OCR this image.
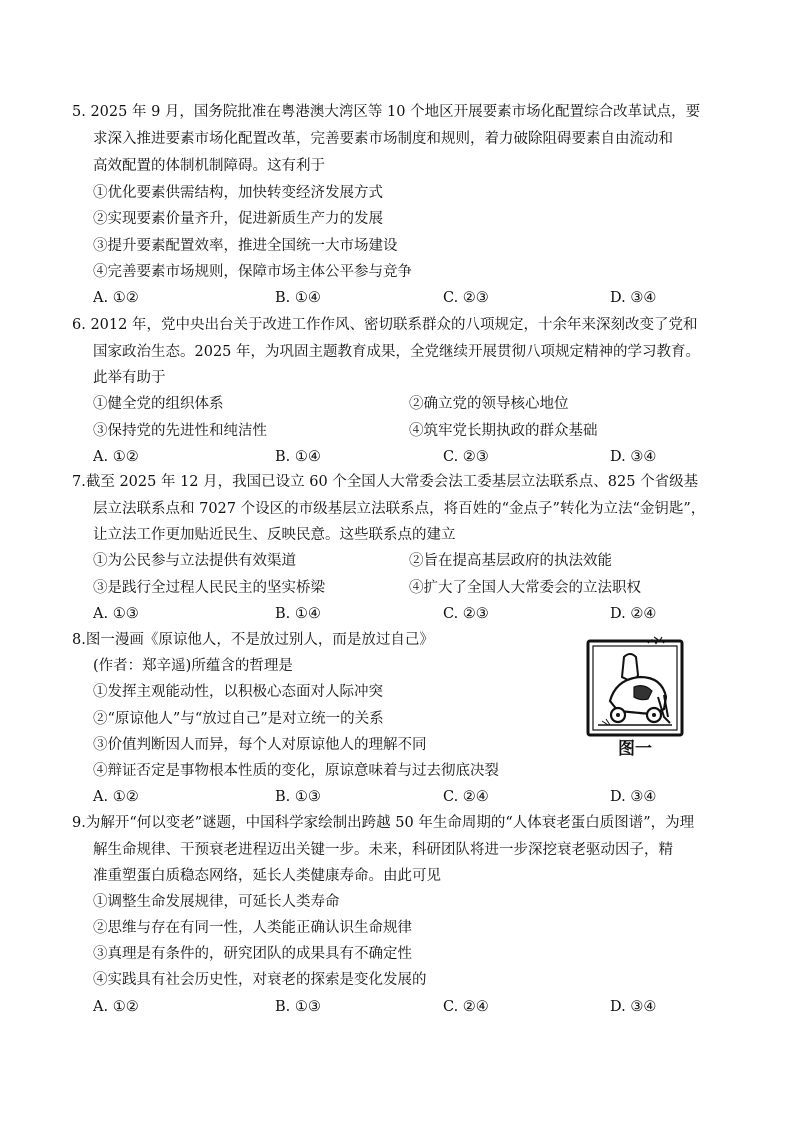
5. 2025 年 9 月，国务院批准在粤港澳大湾区等 10 个地区开展要素市场化配置综合改革试点，要
求深入推进要素市场化配置改革，完善要素市场制度和规则，着力破除阻碍要素自由流动和
高效配置的体制机制障碍。这有利于
①优化要素供需结构，加快转变经济发展方式
②实现要素价量齐升，促进新质生产力的发展
③提升要素配置效率，推进全国统一大市场建设
④完善要素市场规则，保障市场主体公平参与竞争
A. ①②	B. ①④	C. ②③	D. ③④
6. 2012 年，党中央出台关于改进工作作风、密切联系群众的八项规定，十余年来深刻改变了党和
国家政治生态。2025 年，为巩固主题教育成果，全党继续开展贯彻八项规定精神的学习教育。
此举有助于
①健全党的组织体系	②确立党的领导核心地位
③保持党的先进性和纯洁性	④筑牢党长期执政的群众基础
A. ①②	B. ①④	C. ②③	D. ③④
7.截至 2025 年 12 月，我国已设立 60 个全国人大常委会法工委基层立法联系点、825 个省级基
层立法联系点和 7027 个设区的市级基层立法联系点，将百姓的“金点子”转化为立法“金钥匙”，
让立法工作更加贴近民生、反映民意。这些联系点的建立
①为公民参与立法提供有效渠道	②旨在提高基层政府的执法效能
③是践行全过程人民民主的坚实桥梁	④扩大了全国人大常委会的立法职权
A. ①③	B. ①④	C. ②③	D. ②④
8.图一漫画《原谅他人，不是放过别人，而是放过自己》
(作者：郑辛遥)所蕴含的哲理是
①发挥主观能动性，以积极心态面对人际冲突
②“原谅他人”与“放过自己”是对立统一的关系
③价值判断因人而异，每个人对原谅他人的理解不同
④辩证否定是事物根本性质的变化，原谅意味着与过去彻底决裂
A. ①②	B. ①③	C. ②④	D. ③④
图一
9.为解开“何以变老”谜题，中国科学家绘制出跨越 50 年生命周期的“人体衰老蛋白质图谱”，为理
解生命规律、干预衰老进程迈出关键一步。未来，科研团队将进一步深挖衰老驱动因子，精
准重塑蛋白质稳态网络，延长人类健康寿命。由此可见
①调整生命发展规律，可延长人类寿命
②思维与存在有同一性，人类能正确认识生命规律
③真理是有条件的，研究团队的成果具有不确定性
④实践具有社会历史性，对衰老的探索是变化发展的
A. ①②	B. ①③	C. ②④	D. ③④
